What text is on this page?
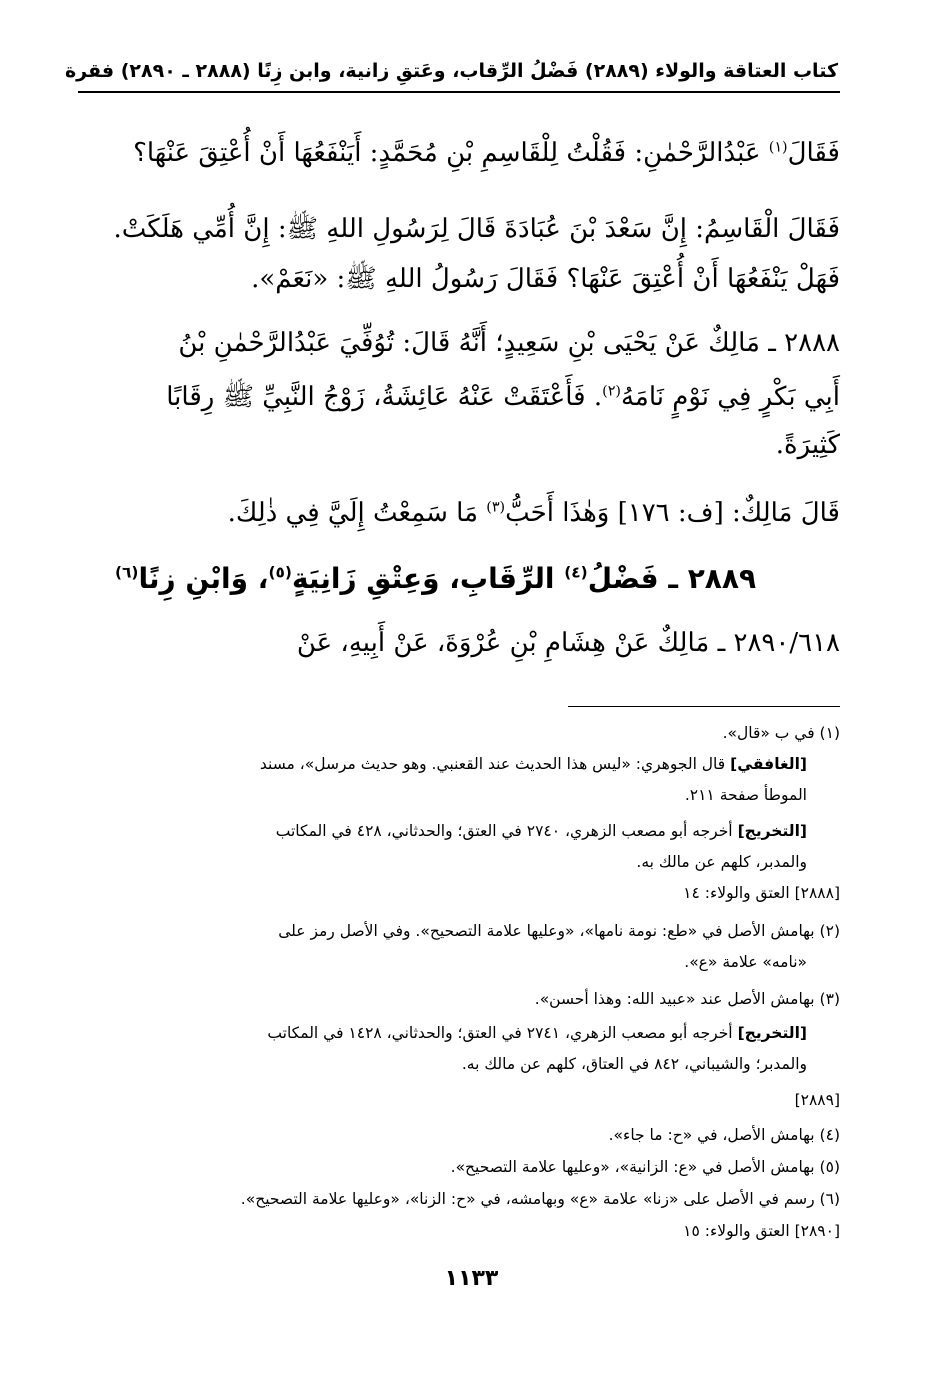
كتاب العتاقة والولاء (٢٨٨٩) فَضْلُ الرِّقاب، وعَتقِ زانية، وابن زِنًا (٢٨٨٨ ـ ٢٨٩٠) فقرة

فَقَالَ$^{(١)}$ عَبْدُالرَّحْمٰنِ: فَقُلْتُ لِلْقَاسِمِ بْنِ مُحَمَّدٍ: أَيَنْفَعُهَا أَنْ أُعْتِقَ عَنْهَا؟

فَقَالَ الْقَاسِمُ: إِنَّ سَعْدَ بْنَ عُبَادَةَ قَالَ لِرَسُولِ اللهِ ﷺ: إِنَّ أُمِّي هَلَكَتْ.

فَهَلْ يَنْفَعُهَا أَنْ أُعْتِقَ عَنْهَا؟ فَقَالَ رَسُولُ اللهِ ﷺ: «نَعَمْ».

٢٨٨٨ ـ مَالِكٌ عَنْ يَحْيَى بْنِ سَعِيدٍ؛ أَنَّهُ قَالَ: تُوُفِّيَ عَبْدُالرَّحْمٰنِ بْنُ

أَبِي بَكْرٍ فِي نَوْمٍ نَامَهُ$^{(٢)}$. فَأَعْتَقَتْ عَنْهُ عَائِشَةُ، زَوْجُ النَّبِيِّ ﷺ رِقَابًا

كَثِيرَةً.

قَالَ مَالِكٌ: [ف: ١٧٦] وَهٰذَا أَحَبُّ$^{(٣)}$ مَا سَمِعْتُ إِلَيَّ فِي ذٰلِكَ.

٢٨٨٩ ـ فَضْلُ$^{(٤)}$ الرِّقَابِ، وَعِتْقِ زَانِيَةٍ$^{(٥)}$، وَابْنِ زِنًا$^{(٦)}$

٢٨٩٠/٦١٨ ـ مَالِكٌ عَنْ هِشَامِ بْنِ عُرْوَةَ، عَنْ أَبِيهِ، عَنْ

(١) في ب «قال».
[الغافقي] قال الجوهري: «ليس هذا الحديث عند القعنبي. وهو حديث مرسل»، مسند
الموطأ صفحة ٢١١.
[التخريج] أخرجه أبو مصعب الزهري، ٢٧٤٠ في العتق؛ والحدثاني، ٤٢٨ في المكاتب
والمدبر، كلهم عن مالك به.
[٢٨٨٨] العتق والولاء: ١٤
(٢) بهامش الأصل في «طع: نومة نامها»، «وعليها علامة التصحيح». وفي الأصل رمز على
«نامه» علامة «ع».
(٣) بهامش الأصل عند «عبيد الله: وهذا أحسن».
[التخريج] أخرجه أبو مصعب الزهري، ٢٧٤١ في العتق؛ والحدثاني، ١٤٢٨ في المكاتب
والمدبر؛ والشيباني، ٨٤٢ في العتاق، كلهم عن مالك به.
[٢٨٨٩]
(٤) بهامش الأصل، في «ح: ما جاء».
(٥) بهامش الأصل في «ع: الزانية»، «وعليها علامة التصحيح».
(٦) رسم في الأصل على «زنا» علامة «ع» وبهامشه، في «ح: الزنا»، «وعليها علامة التصحيح».
[٢٨٩٠] العتق والولاء: ١٥
١١٣٣
